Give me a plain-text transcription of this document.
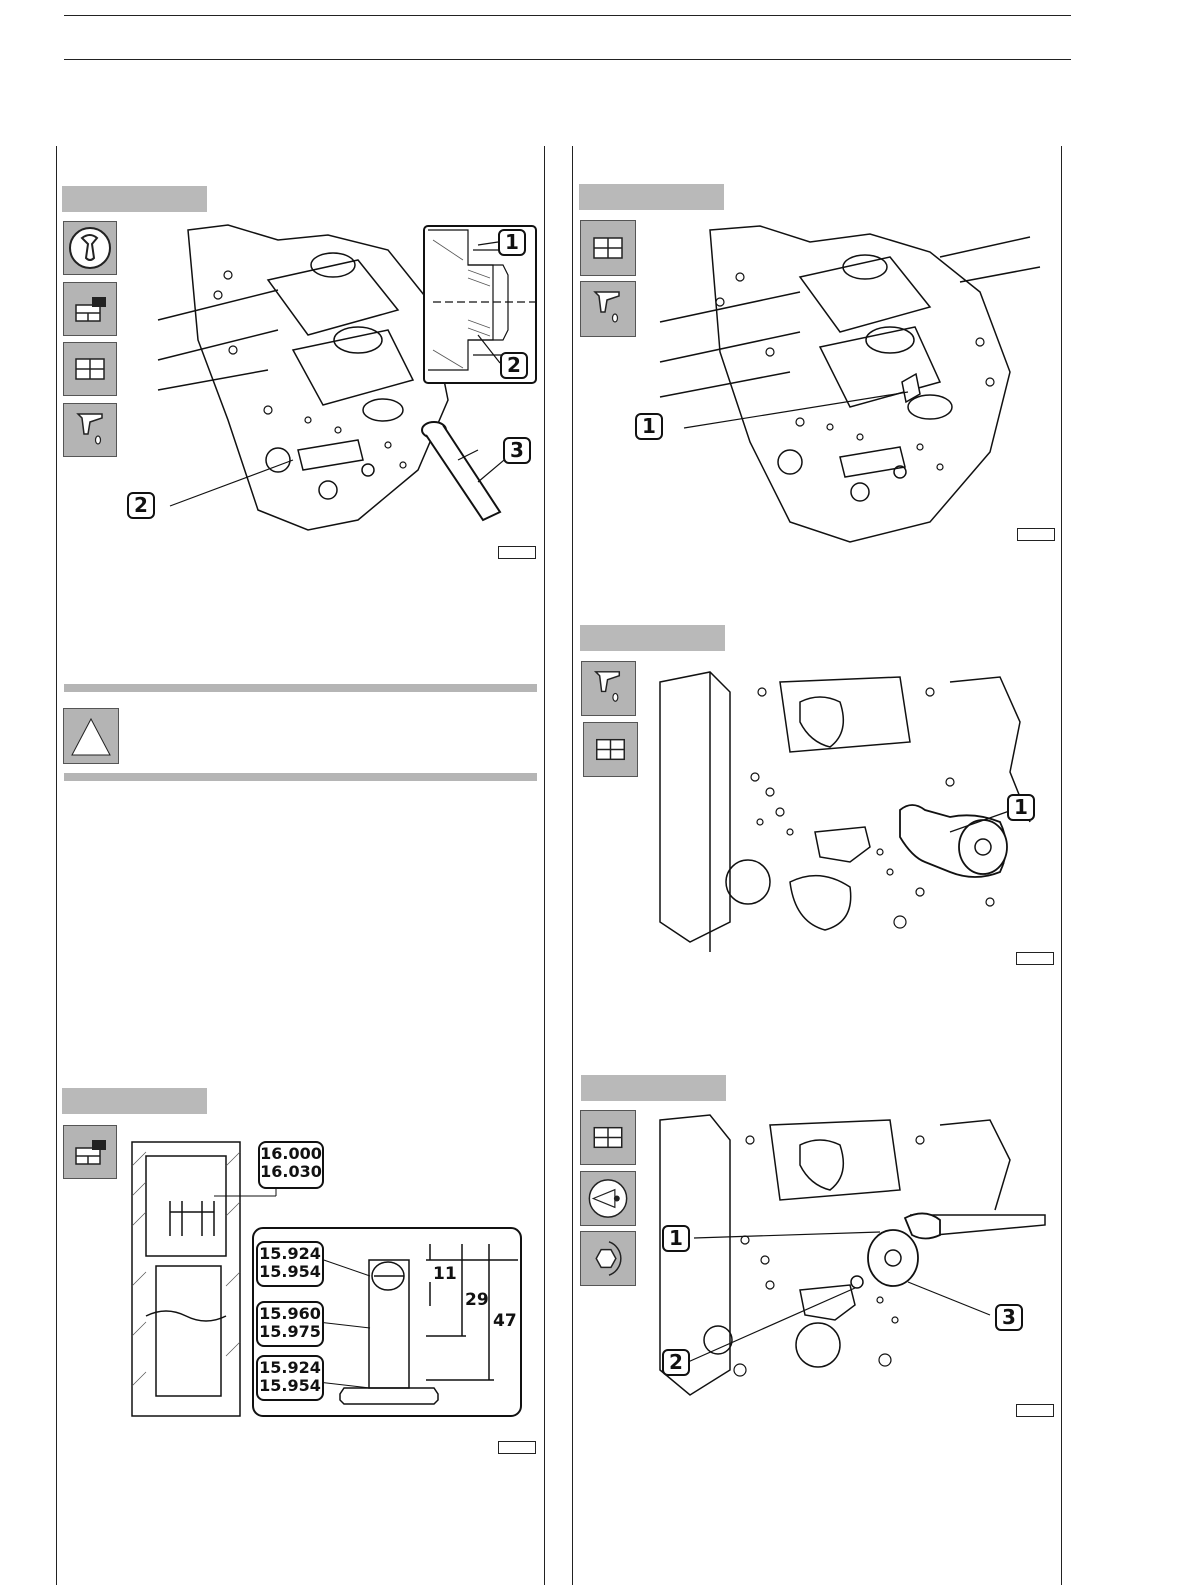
1
2
3
2
16.000
16.030
15.924
15.954
15.960
15.975
15.924
15.954
11
29
47
1
1
1
3
2
